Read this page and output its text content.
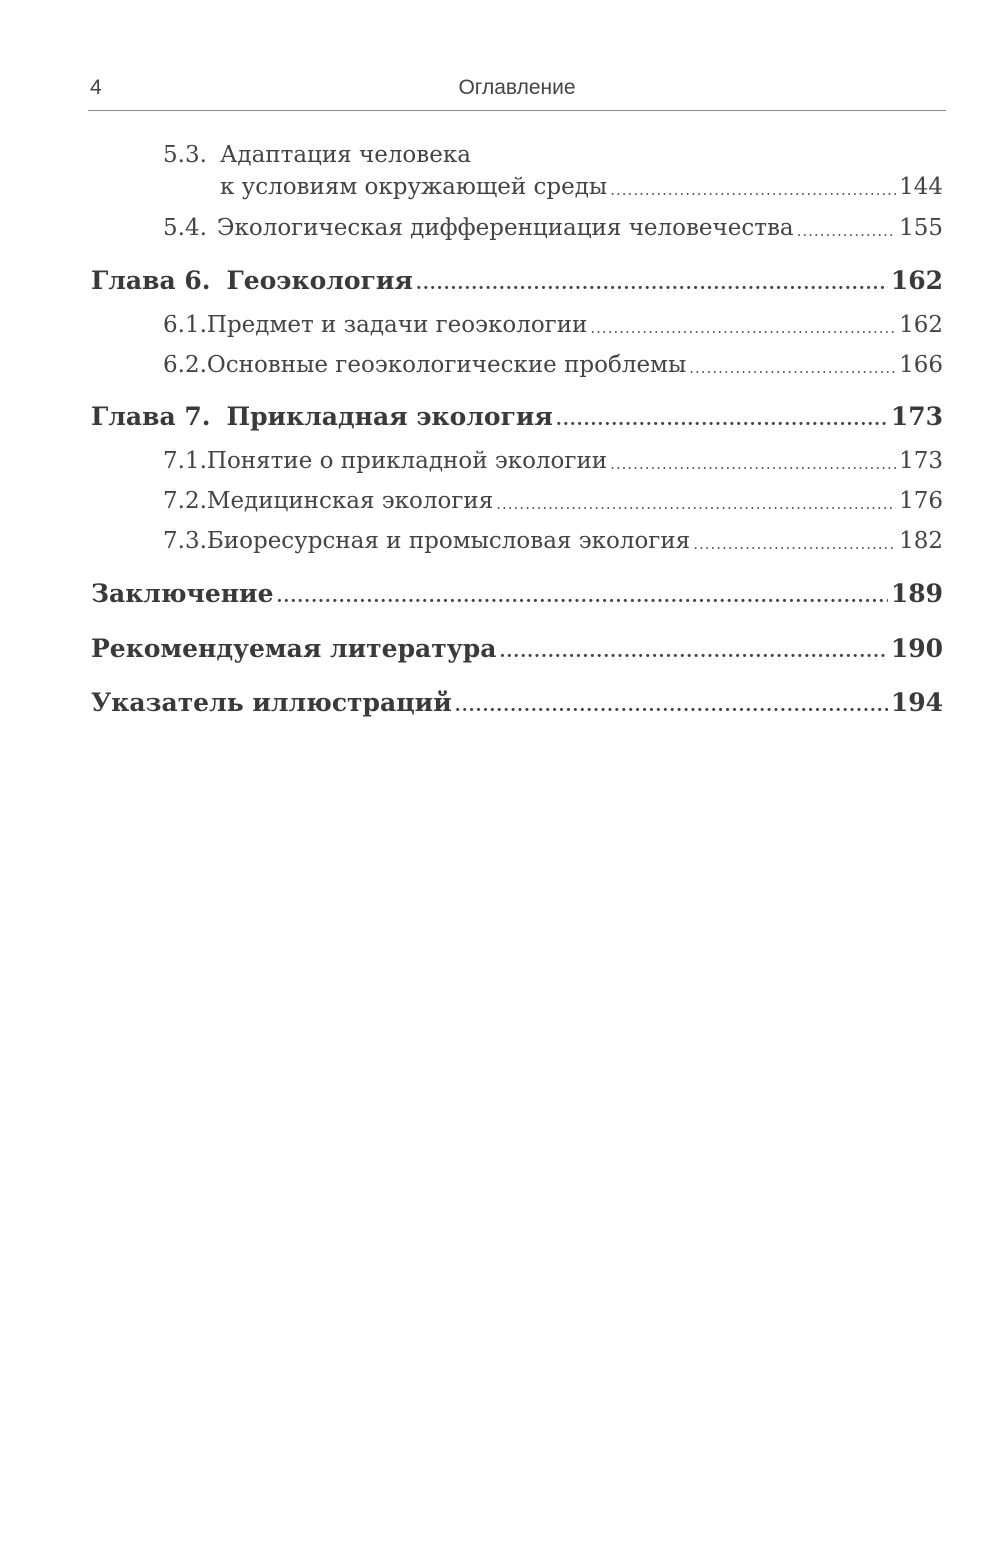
4	Оглавление
5.3. Адаптация человека
к условиям окружающей среды .....	144
5.4. Экологическая дифференциация человечества .....	155
Глава 6. Геоэкология .....	162
6.1. Предмет и задачи геоэкологии .....	162
6.2. Основные геоэкологические проблемы .....	166
Глава 7. Прикладная экология .....	173
7.1. Понятие о прикладной экологии .....	173
7.2. Медицинская экология .....	176
7.3. Биоресурсная и промысловая экология .....	182
Заключение .....	189
Рекомендуемая литература .....	190
Указатель иллюстраций .....	194
